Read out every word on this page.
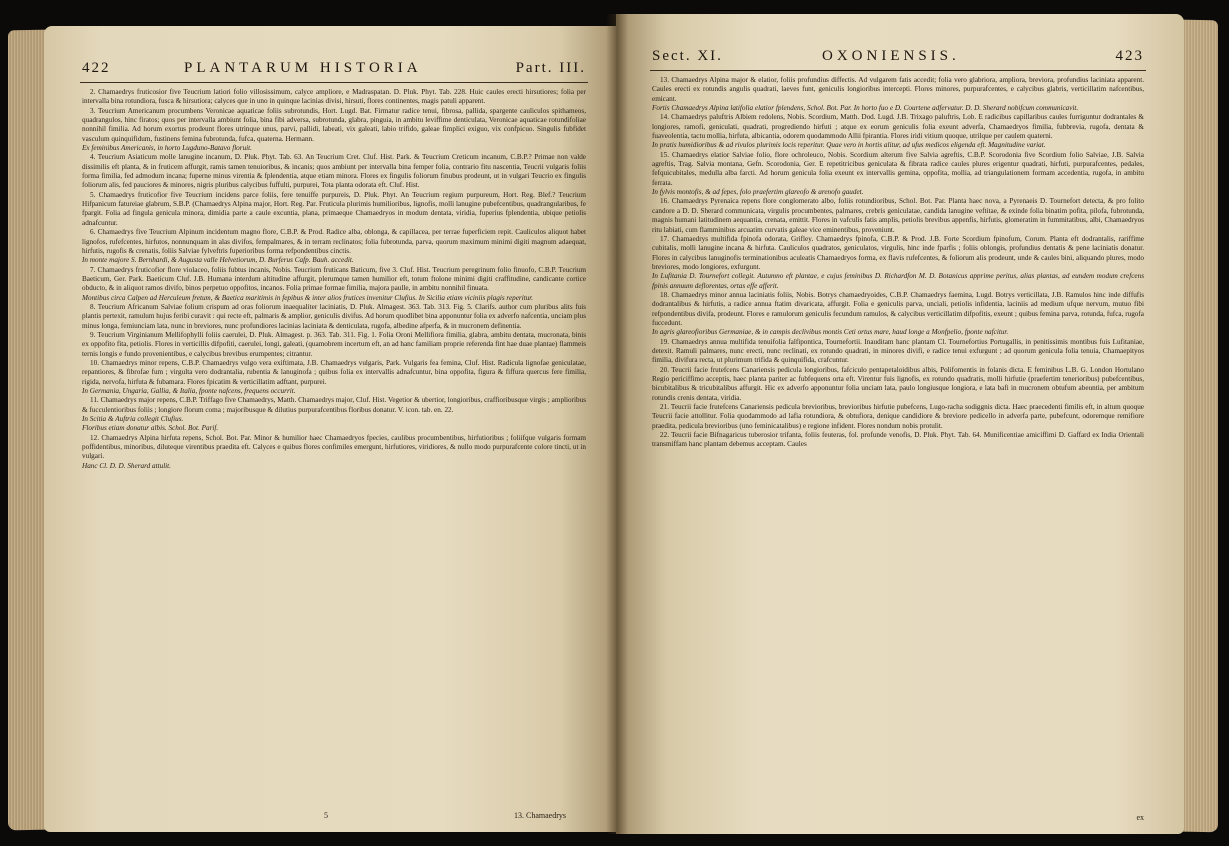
422	PLANTARUM HISTORIA	Part. III.

2. Chamaedrys fruticosior five Teucrium latiori folio villosissimum, calyce ampliore, e Madraspatan. D. Pluk. Phyt. Tab. 228. Huic caules erecti hirsutiores; folia per intervalla bina rotundiora, fusca & hirsutiora; calyces que in uno in quinque lacinias divisi, hirsuti, flores continentes, magis patuli apparent.

3. Teucrium Americanum procumbens Veronicae aquaticae foliis subrotundis, Hort. Lugd. Bat. Firmatur radice tenui, fibrosa, pallida, spargente cauliculos spithameos, quadrangulos, hinc firatos; quos per intervalla ambiunt folia, bina fibi adversa, subrotunda, glabra, pinguia, in ambitu leviffime denticulata, Veronicae aquaticae rotundifoliae nonnihil fimilia. Ad horum exortus prodeunt flores utrinque unus, parvi, pallidi, labeati, vix galeati, labio trifido, galeae fimplici exiguo, vix confpicuo. Singulis fubfidet vasculum quinquifidum, fustinens femina fubrotunda, fufca, quaterna. Hermann.

Ex feminibus Americanis, in horto Lugduno-Batavo floruit.

4. Teucrium Asiaticum molle lanugine incanum, D. Pluk. Phyt. Tab. 63. An Teucrium Cret. Cluf. Hist. Park. & Teucrium Creticum incanum, C.B.P.? Primae non valde dissimilis eft planta, & in fruticem affurgit, ramis tamen tenuioribus, & incanis; quos ambiunt per intervalla bina femper folia, contrario fitu nascentia, Teucrii vulgaris foliis forma fimilia, fed admodum incana; fuperne minus virentia & fplendentia, atque etiam minora. Flores ex fingulis foliorum finubus prodeunt, ut in vulgari Teucrio ex fingulis foliorum alis, fed pauciores & minores, nigris pluribus calycibus fuffulti, purpurei, Tota planta odorata eft. Cluf. Hist.

5. Chamaedrys fruticofior five Teucrium incidens parce foliis, fere tenuiffe purpureis, D. Pluk. Phyt. An Teucrium regium purpureum, Hort. Reg. Blef.? Teucrium Hifpanicum fatureiae glabrum, S.B.P. (Chamaedrys Alpina major, Hort. Reg. Par. Fruticula plurimis humilioribus, lignofis, molli lanugine pubefcentibus, quadrangularibus, fe fpargit. Folia ad fingula genicula minora, dimidia parte a caule excuntia, plana, primaeque Chamaedryos in modum dentata, viridia, fuperius fplendentia, ubique petiolis adnafcuntur.

6. Chamaedrys five Teucrium Alpinum incidentum magno flore, C.B.P. & Prod. Radice alba, oblonga, & capillacea, per terrae fuperficiem repit. Cauliculos aliquot habet lignofos, rufefcentes, hirfutos, nonnunquam in alas divifos, fempalmares, & in terram reclinatos; folia fubrotunda, parva, quorum maximum minimi digiti magnum adaequat, hirfutis, rugofis & crenatis, foliis Salviae fylveftris fuperioribus forma refpondentibus cinctis.

In monte majore S. Bernhardi, & Augusta valle Helvetiorum, D. Burferus Cafp. Bauh. accedit.

7. Chamaedrys fruticofior flore violaceo, foliis fubtus incanis, Nobis. Teucrium fruticans Baticum, five 3. Cluf. Hist. Teucrium peregrinum folio finuofo, C.B.P. Teucrium Baeticum, Ger. Park. Baeticum Cluf. J.B. Humana interdum altitudine affurgit, plerumque tamen humilior eft, totum ftolone minimi digiti craffitudine, candicante cortice obducto, & in aliquot ramos divifo, binos perpetuo oppofitos, incanos. Folia primae formae fimilia, majora paulle, in ambitu nonnihil finuata.

Montibus circa Calpen ad Herculeum fretum, & Baetica maritimis in fepibus & inter alios frutices invenitur Clufius. In Sicilia etiam viciniis plagis reperitur.

8. Teucrium Africanum Salviae folium crispum ad oras foliorum inaequaliter laciniatis, D. Pluk. Almagest. 363. Tab. 313. Fig. 5. Clarifs. author cum pluribus alits fuis plantis pertexit, ramulum hujus feribi curavit : qui recte eft, palmaris & amplior, geniculis divifus. Ad horum quodlibet bina apponuntur folia ex adverfo nafcentia, unciam plus minus longa, femiunciam lata, nunc in breviores, nunc profundiores lacinias laciniata & denticulata, rugofa, albedine afperfa, & in mucronem definentia.

9. Teucrium Virginianum Mellifophylli foliis caerulei, D. Pluk. Almagest. p. 363. Tab. 311. Fig. 1. Folia Oroni Mellifiora fimilia, glabra, ambitu dentata, mucronata, binis ex oppofito fita, petiolis. Flores in verticillis difpofiti, caerulei, longi, galeati, (quamobrem incertum eft, an ad hanc familiam proprie referenda fint hae duae plantae) flammeis ternis longis e fundo provenientibus, e calycibus brevibus erumpentes; citrantur.

10. Chamaedrys minor repens, C.B.P. Chamaedrys vulgo vera exiftimata, J.B. Chamaedrys vulgaris, Park. Vulgaris fea femina, Cluf. Hist. Radicula lignofae geniculatae, repantiores, & fibrofae fum ; virgulta vero dodrantalia, rubentia & lanuginofa ; quibus folia ex intervallis adnafcuntur, bina oppofita, figura & fiffura quercus fere fimilia, rigida, nervofa, hirfuta & fubamara. Flores fpicatim & verticillatim adftant, purpurei.

In Germania, Ungaria, Gallia, & Italia, fponte nafcens, frequens occurrit.

11. Chamaedrys major repens, C.B.P. Triffago five Chamaedrys, Matth. Chamaedrys major, Cluf. Hist. Vegetior & ubertior, longioribus, craffioribusque virgis ; amplioribus & fucculentioribus foliis ; longiore florum coma ; majoribusque & dilutius purpurafcentibus floribus donatur. V. icon. tab. en. 22.

In Scitia & Auftria collegit Clufius.

Floribus etiam donatur albis. Schol. Bot. Parif.

12. Chamaedrys Alpina hirfuta repens, Schol. Bot. Par. Minor & humilior haec Chamaedryos fpecies, caulibus procumbentibus, hirfutioribus ; foliifque vulgaris formam poffidentibus, minoribus, diluteque virentibus praedita eft. Calyces e quibus flores confimiles emergunt, hirfutiores, viridiores, & nullo modo purpurafcente colore tincti, ut in vulgari.

Hanc Cl. D. D. Sherard attulit.

5	13. Chamaedrys
Sect. XI.	OXONIENSIS.	423

13. Chamaedrys Alpina major & elatior, foliis profundius diffectis. Ad vulgarem fatis accedit; folia vero glabriora, ampliora, breviora, profundius laciniata apparent. Caules erecti ex rotundis angulis quadrati, laeves funt, geniculis longioribus intercepti. Flores minores, purpurafcentes, e calycibus glabris, verticillatim nafcentibus, emicant.

Fortis Chamaedrys Alpina latifolia elatior fplendens, Schol. Bot. Par. In horto fuo e D. Courtene adfervatur. D. D. Sherard nobifcum communicavit.

14. Chamaedrys paluftris Albiem redolens, Nobis. Scordium, Matth. Dod. Lugd. J.B. Trixago paluftris, Lob. E radicibus capillaribus caules furriguntur dodrantales & longiores, ramofi, geniculati, quadrati, progrediendo hirfuti ; atque ex eorum geniculis folia exeunt adverfa, Chamaedryos fimilia, fubbrevia, rugofa, dentata & fuaveolentia, tactu mollia, hirfuta, albicantia, odorem quodammodo Allii fpirantia. Flores iridi vitium quoque, utrilque per caulem quaterni.

In pratis humidioribus & ad rivulos plurimis locis reperitur. Quae vero in hortis alitur, ad ufus medicos eligenda eft. Magnitudine variat.

15. Chamaedrys elatior Salviae folio, flore ochroleuco, Nobis. Scordium alterum five Salvia agreftis, C.B.P. Scorodonia five Scordium folio Salviae, J.B. Salvia agreftis, Trag. Salvia montana, Gefn. Scorodonia, Ger. E repetitricibus geniculata & fibrata radice caules plures erigentur quadrati, hirfuti, purpurafcentes, pedales, fefquicubitales, medulla alba farcti. Ad horum genicula folia exeunt ex intervallis gemina, oppofita, mollia, ad triangulationem formam accedentia, rugofa, in ambitu ferrata.

In fylvis montofis, & ad fepes, folo praefertim glareofo & arenofo gaudet.

16. Chamaedrys Pyrenaica repens flore conglomerato albo, foliis rotundioribus, Schol. Bot. Par. Planta haec nova, a Pyrenaeis D. Tournefort detecta, & pro folito candore a D. D. Sherard communicata, virgulis procumbentes, palmares, crebris geniculatae, candida lanugine veftitae, & exinde folia binatim pofita, pilofa, fubrotunda, magnis humani latitudinem aequantia, crenata, emittit. Flores in vafculis fatis amplis, petiolis brevibus appenfis, hirfutis, glomeratim in fummitatibus, albi, Chamaedryos ritu labiati, cum flamminibus arcuatim curvatis galeae vice eminentibus, proveniunt.

17. Chamaedrys multifida fpinofa odorata, Grifley. Chamaedrys fpinofa, C.B.P. & Prod. J.B. Forte Scordium fpinofum, Corum. Planta eft dodrantalis, rariffime cubitalis, molli lanugine incana & hirfuta. Cauliculos quadratos, geniculatos, virgulis, hinc inde fparfis ; foliis oblongis, profundius dentatis & pene laciniatis donatur. Flores in calycibus lanuginofis terminationibus aculeatis Chamaedryos forma, ex flavis rufefcentes, & foliorum alis prodeunt, unde & caules bini, aliquando plures, modo breviores, modo longiores, exfurgunt.

In Lufitania D. Tournefort collegit. Autumno eft plantae, e cujus feminibus D. Richardfon M. D. Botanicus apprime peritus, alias plantas, ad eundem modum crefcens fpinis annuum deflorentas, ortas effe afferit.

18. Chamaedrys minor annua laciniatis foliis, Nobis. Botrys chamaedryoides, C.B.P. Chamaedrys faemina, Lugd. Botrys verticillata, J.B. Ramulos hinc inde diffufis dodrantalibus & hirfutis, a radice annua ftatim divaricata, affurgit. Folia e geniculis parva, unciali, petiolis infidentia, laciniis ad medium ufque nervum, mutuo fibi refpondentibus divifa, prodeunt. Flores e ramulorum geniculis fecundum ramulos, & calycibus verticillatim difpofitis, exeunt ; quibus femina parva, rotunda, fufca, rugofa fuccedunt.

In agris glareofioribus Germaniae, & in campis declivibus montis Ceti ortus mare, haud longe a Monfpelio, fponte nafcitur.

19. Chamaedrys annua multifida tenuifolia falfipontica, Tournefortii. Inauditam hanc plantam Cl. Tournefortius Portugallis, in penitissimis montibus fuis Lufitaniae, detexit. Ramuli palmares, nunc erecti, nunc reclinati, ex rotundo quadrati, in minores divifi, e radice tenui exfurgunt ; ad quorum genicula folia tenuia, Chamaepityos fimilia, divifura recta, ut plurimum trifida & quinquifida, crafcuntur.

20. Teucrii facie frutefcens Canariensis pedicula longioribus, fafciculo pentapetaloidibus albis, Polifomentis in folanis dicta. E feminibus L.B. G. London Hortulano Regio periciffimo acceptis, haec planta pariter ac fubfequens orta eft. Virentur fuis lignofis, ex rotundo quadratis, molli hirfutie (praefertim tenerioribus) pubefcentibus, bicubitalibus & tricubitalibus affurgit. Hic ex adverfo apponuntur folia unciam lata, paulo longiusque longiora, e lata bafi in mucronem obtufum abeuntia, per ambitum rotundis crenis dentata, viridia.

21. Teucrii facie frutefcens Canariensis pedicula brevioribus, brevioribus hirfutie pubefcens, Lugo-racha sodiggnis dicta. Haec praecedenti fimilis eft, in altum quoque Teucrii facie attollitur. Folia quodammodo ad lafia rotundiora, & obtufiora, denique candidiore & breviore pedicello in adverfa parte, pubefcunt, odoremque remifiore praedita, pedicula brevioribus (uno feminicatalibus) e regione infident. Flores nondum nobis protulit.

22. Teucrii facie Bifnagaricus tuberosior trifanta, foliis feuteras, fol. profunde venofis, D. Pluk. Phyt. Tab. 64. Munificentiae amiciffimi D. Gaffard ex India Orientali transmiffam hanc plantam debemus acceptam. Caules

ex
